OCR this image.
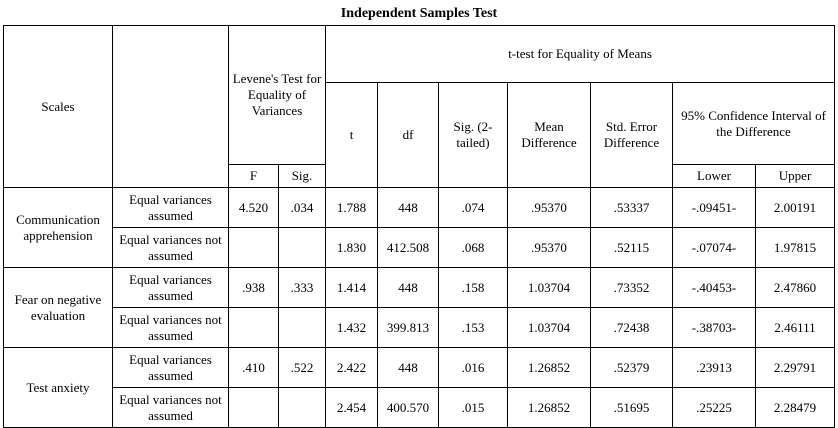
Independent Samples Test
Scales		Levene's Test for Equality of Variances		t-test for Equality of Means						
				t	df	Sig. (2-tailed)	Mean Difference	Std. Error Difference	95% Confidence Interval of the Difference	
		F	Sig.						Lower	Upper
Communication apprehension	Equal variances assumed	4.520	.034	1.788	448	.074	.95370	.53337	-.09451-	2.00191
	Equal variances not assumed			1.830	412.508	.068	.95370	.52115	-.07074-	1.97815
Fear on negative evaluation	Equal variances assumed	.938	.333	1.414	448	.158	1.03704	.73352	-.40453-	2.47860
	Equal variances not assumed			1.432	399.813	.153	1.03704	.72438	-.38703-	2.46111
Test anxiety	Equal variances assumed	.410	.522	2.422	448	.016	1.26852	.52379	.23913	2.29791
	Equal variances not assumed			2.454	400.570	.015	1.26852	.51695	.25225	2.28479
